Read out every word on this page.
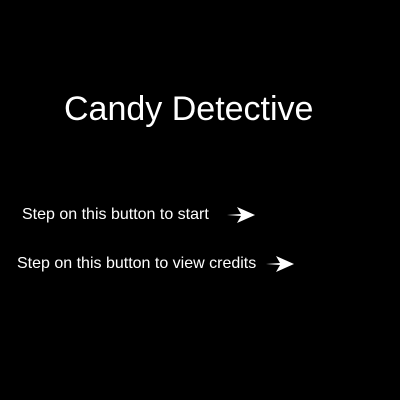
Candy Detective
Step on this button to start
Step on this button to view credits
